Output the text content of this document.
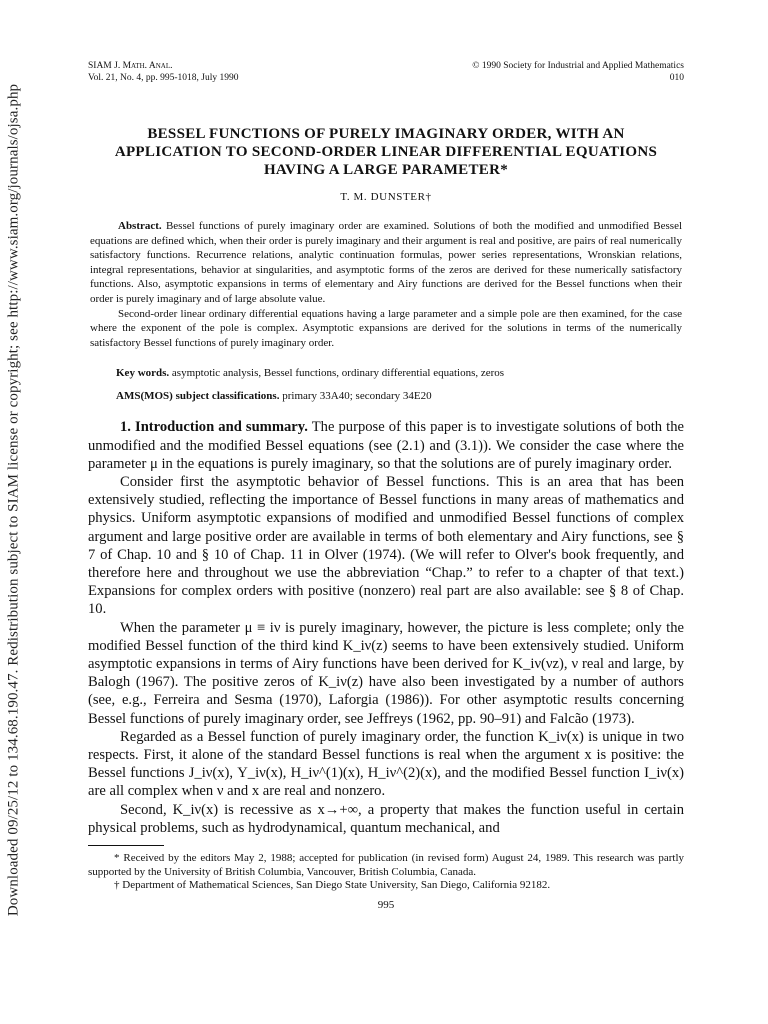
Downloaded 09/25/12 to 134.68.190.47. Redistribution subject to SIAM license or copyright; see http://www.siam.org/journals/ojsa.php
SIAM J. Math. Anal.
Vol. 21, No. 4, pp. 995-1018, July 1990
© 1990 Society for Industrial and Applied Mathematics
010
BESSEL FUNCTIONS OF PURELY IMAGINARY ORDER, WITH AN
APPLICATION TO SECOND-ORDER LINEAR DIFFERENTIAL EQUATIONS
HAVING A LARGE PARAMETER*
T. M. DUNSTER†

Abstract. Bessel functions of purely imaginary order are examined. Solutions of both the modified and unmodified Bessel equations are defined which, when their order is purely imaginary and their argument is real and positive, are pairs of real numerically satisfactory functions. Recurrence relations, analytic continuation formulas, power series representations, Wronskian relations, integral representations, behavior at singularities, and asymptotic forms of the zeros are derived for these numerically satisfactory functions. Also, asymptotic expansions in terms of elementary and Airy functions are derived for the Bessel functions when their order is purely imaginary and of large absolute value.

Second-order linear ordinary differential equations having a large parameter and a simple pole are then examined, for the case where the exponent of the pole is complex. Asymptotic expansions are derived for the solutions in terms of the numerically satisfactory Bessel functions of purely imaginary order.

Key words. asymptotic analysis, Bessel functions, ordinary differential equations, zeros
AMS(MOS) subject classifications. primary 33A40; secondary 34E20

1. Introduction and summary. The purpose of this paper is to investigate solutions of both the unmodified and the modified Bessel equations (see (2.1) and (3.1)). We consider the case where the parameter μ in the equations is purely imaginary, so that the solutions are of purely imaginary order.

Consider first the asymptotic behavior of Bessel functions. This is an area that has been extensively studied, reflecting the importance of Bessel functions in many areas of mathematics and physics. Uniform asymptotic expansions of modified and unmodified Bessel functions of complex argument and large positive order are available in terms of both elementary and Airy functions, see § 7 of Chap. 10 and § 10 of Chap. 11 in Olver (1974). (We will refer to Olver's book frequently, and therefore here and throughout we use the abbreviation “Chap.” to refer to a chapter of that text.) Expansions for complex orders with positive (nonzero) real part are also available: see § 8 of Chap. 10.

When the parameter μ ≡ iν is purely imaginary, however, the picture is less complete; only the modified Bessel function of the third kind K_iν(z) seems to have been extensively studied. Uniform asymptotic expansions in terms of Airy functions have been derived for K_iν(νz), ν real and large, by Balogh (1967). The positive zeros of K_iν(z) have also been investigated by a number of authors (see, e.g., Ferreira and Sesma (1970), Laforgia (1986)). For other asymptotic results concerning Bessel functions of purely imaginary order, see Jeffreys (1962, pp. 90–91) and Falcão (1973).

Regarded as a Bessel function of purely imaginary order, the function K_iν(x) is unique in two respects. First, it alone of the standard Bessel functions is real when the argument x is positive: the Bessel functions J_iν(x), Y_iν(x), H_iν^(1)(x), H_iν^(2)(x), and the modified Bessel function I_iν(x) are all complex when ν and x are real and nonzero.

Second, K_iν(x) is recessive as x→+∞, a property that makes the function useful in certain physical problems, such as hydrodynamical, quantum mechanical, and

* Received by the editors May 2, 1988; accepted for publication (in revised form) August 24, 1989. This research was partly supported by the University of British Columbia, Vancouver, British Columbia, Canada.

† Department of Mathematical Sciences, San Diego State University, San Diego, California 92182.

995
